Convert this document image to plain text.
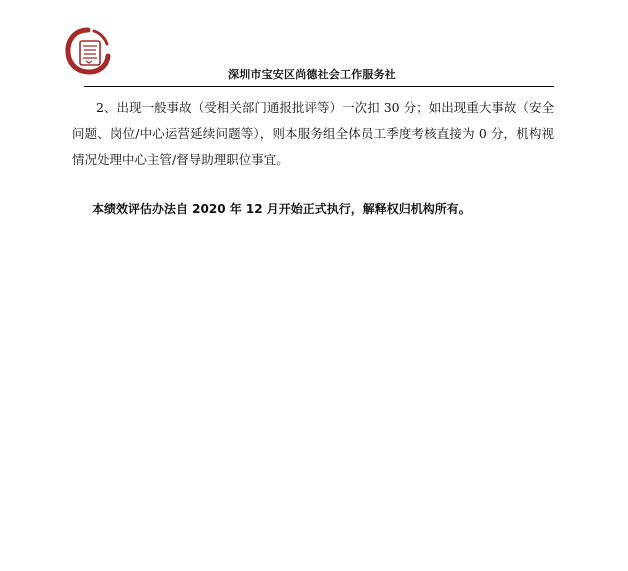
深圳市宝安区尚德社会工作服务社
2、出现一般事故（受相关部门通报批评等）一次扣 30 分；如出现重大事故（安全问题、岗位/中心运营延续问题等），则本服务组全体员工季度考核直接为 0 分，机构视情况处理中心主管/督导助理职位事宜。
本绩效评估办法自 2020 年 12 月开始正式执行，解释权归机构所有。
